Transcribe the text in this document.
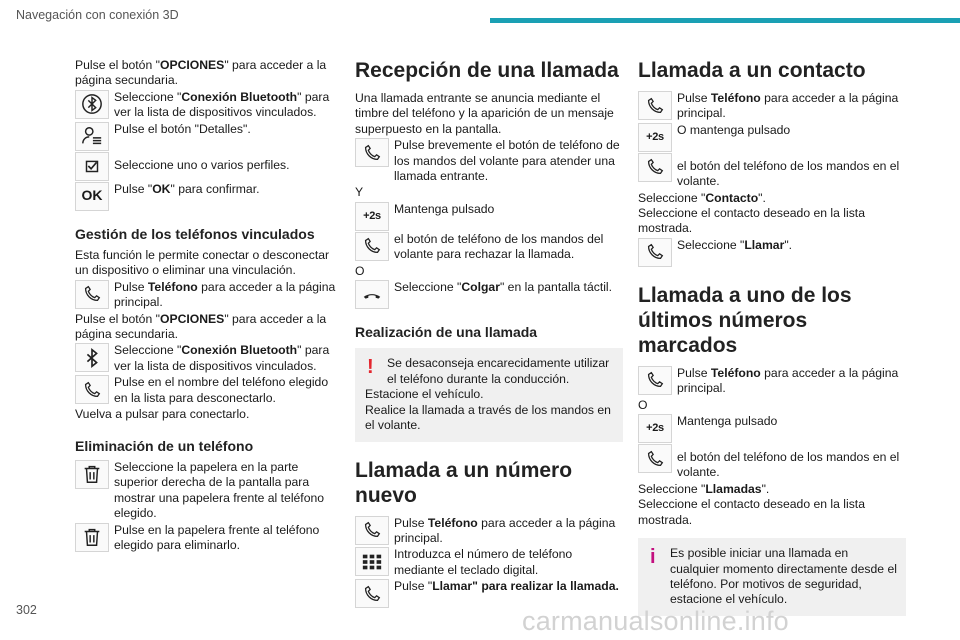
Navegación con conexión 3D

Pulse el botón "OPCIONES" para acceder a la página secundaria.

Seleccione "Conexión Bluetooth" para ver la lista de dispositivos vinculados.
Pulse el botón "Detalles".
Seleccione uno o varios perfiles.
OK Pulse "OK" para confirmar.
Gestión de los teléfonos vinculados

Esta función le permite conectar o desconectar un dispositivo o eliminar una vinculación.

Pulse Teléfono para acceder a la página principal.

Pulse el botón "OPCIONES" para acceder a la página secundaria.

Seleccione "Conexión Bluetooth" para ver la lista de dispositivos vinculados.
Pulse en el nombre del teléfono elegido en la lista para desconectarlo.

Vuelva a pulsar para conectarlo.

Eliminación de un teléfono
Seleccione la papelera en la parte superior derecha de la pantalla para mostrar una papelera frente al teléfono elegido.
Pulse en la papelera frente al teléfono elegido para eliminarlo.
Recepción de una llamada

Una llamada entrante se anuncia mediante el timbre del teléfono y la aparición de un mensaje superpuesto en la pantalla.

Pulse brevemente el botón de teléfono de los mandos del volante para atender una llamada entrante.

Y

+2s Mantenga pulsado
el botón de teléfono de los mandos del volante para rechazar la llamada.

O

Seleccione "Colgar" en la pantalla táctil.
Realización de una llamada
!	Se desaconseja encarecidamente utilizar el teléfono durante la conducción.

Estacione el vehículo.

Realice la llamada a través de los mandos en el volante.

Llamada a un número nuevo
Pulse Teléfono para acceder a la página principal.
Introduzca el número de teléfono mediante el teclado digital.
Pulse "Llamar" para realizar la llamada.
Llamada a un contacto
Pulse Teléfono para acceder a la página principal.
+2s O mantenga pulsado
el botón del teléfono de los mandos en el volante.

Seleccione "Contacto".

Seleccione el contacto deseado en la lista mostrada.

Seleccione "Llamar".
Llamada a uno de los últimos números marcados
Pulse Teléfono para acceder a la página principal.

O

+2s Mantenga pulsado
el botón del teléfono de los mandos en el volante.

Seleccione "Llamadas".

Seleccione el contacto deseado en la lista mostrada.

i	Es posible iniciar una llamada en cualquier momento directamente desde el teléfono. Por motivos de seguridad, estacione el vehículo.

302	carmanualsonline.info
